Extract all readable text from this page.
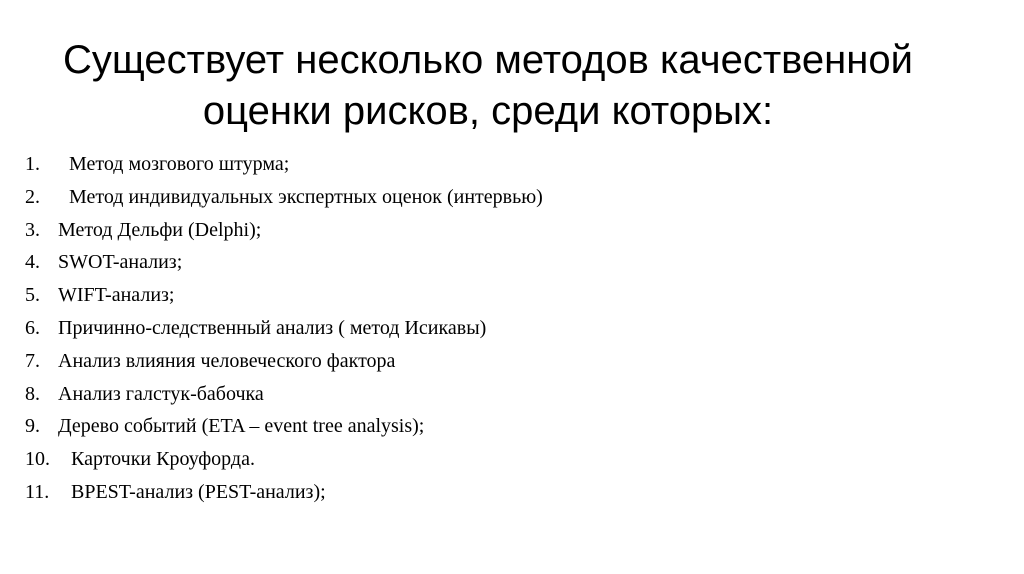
Существует несколько методов качественной
оценки рисков, среди которых:
1. Метод мозгового штурма;
2. Метод индивидуальных экспертных оценок (интервью)
3. Метод Дельфи (Delphi);
4. SWOT-анализ;
5. WIFT-анализ;
6. Причинно-следственный анализ ( метод Исикавы)
7. Анализ влияния человеческого фактора
8. Анализ галстук-бабочка
9. Дерево событий (ETA – event tree analysis);
10. Карточки Кроуфорда.
11. BPEST-анализ (PEST-анализ);
